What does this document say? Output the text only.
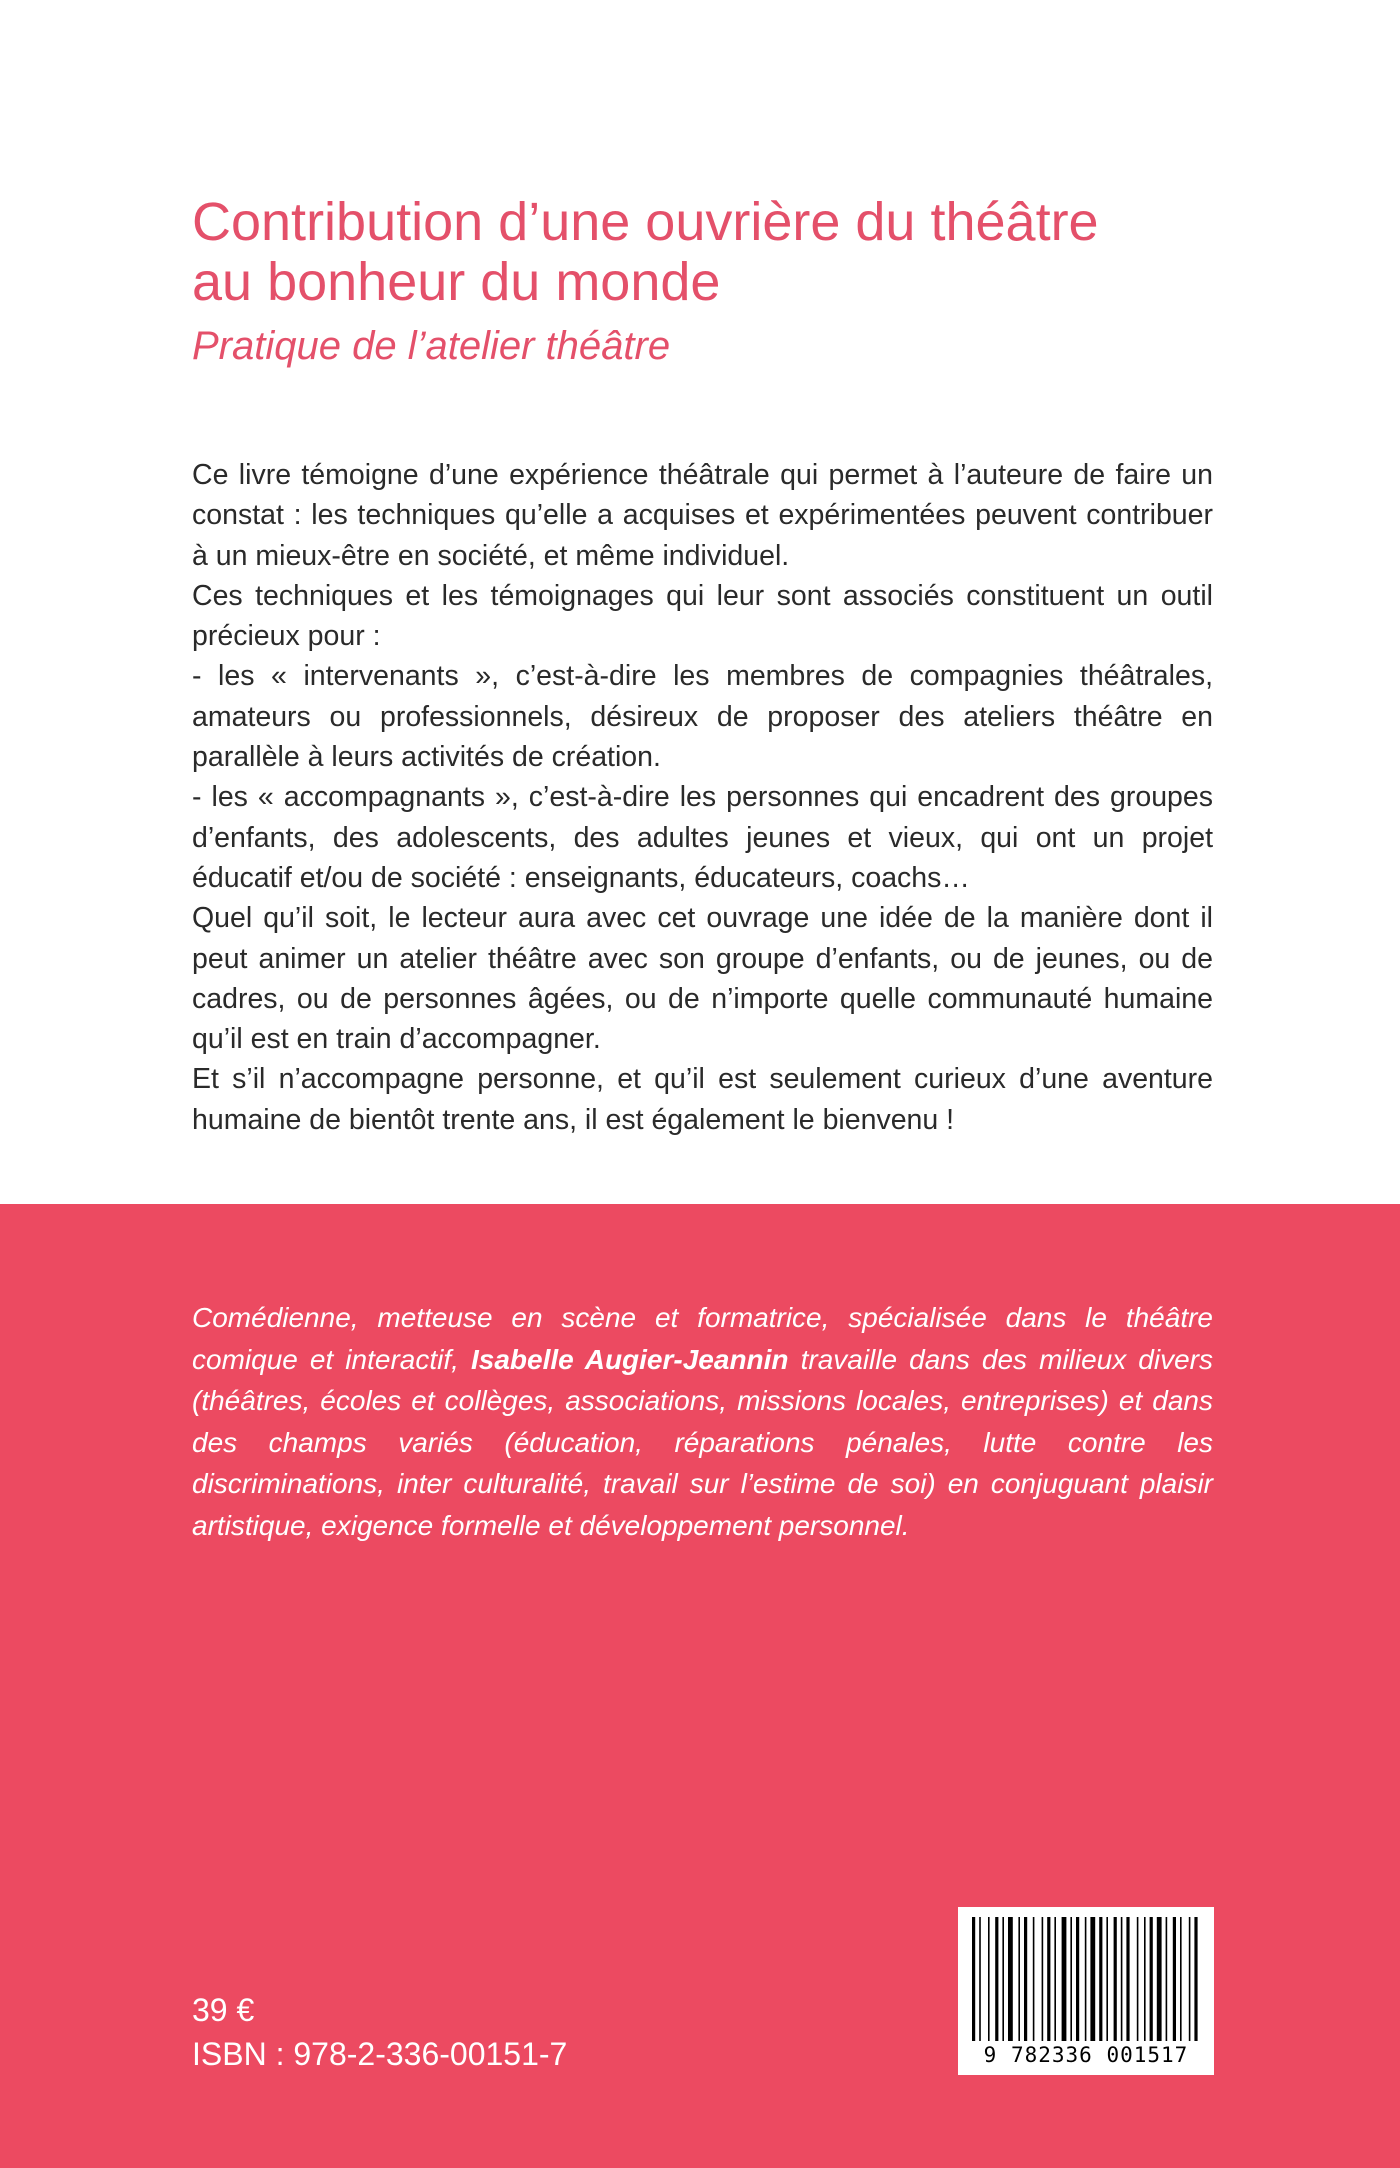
Contribution d’une ouvrière du théâtre
au bonheur du monde
Pratique de l’atelier théâtre

Ce livre témoigne d’une expérience théâtrale qui permet à l’auteure de faire un constat : les techniques qu’elle a acquises et expérimentées peuvent contribuer à un mieux-être en société, et même individuel.

Ces techniques et les témoignages qui leur sont associés constituent un outil précieux pour :

- les « intervenants », c’est-à-dire les membres de compagnies théâtrales, amateurs ou professionnels, désireux de proposer des ateliers théâtre en parallèle à leurs activités de création.

- les « accompagnants », c’est-à-dire les personnes qui encadrent des groupes d’enfants, des adolescents, des adultes jeunes et vieux, qui ont un projet éducatif et/ou de société : enseignants, éducateurs, coachs…

Quel qu’il soit, le lecteur aura avec cet ouvrage une idée de la manière dont il peut animer un atelier théâtre avec son groupe d’enfants, ou de jeunes, ou de cadres, ou de personnes âgées, ou de n’importe quelle communauté humaine qu’il est en train d’accompagner.

Et s’il n’accompagne personne, et qu’il est seulement curieux d’une aventure humaine de bientôt trente ans, il est également le bienvenu !

Comédienne, metteuse en scène et formatrice, spécialisée dans le théâtre comique et interactif, Isabelle Augier-Jeannin travaille dans des milieux divers (théâtres, écoles et collèges, associations, missions locales, entreprises) et dans des champs variés (éducation, réparations pénales, lutte contre les discriminations, inter culturalité, travail sur l’estime de soi) en conjuguant plaisir artistique, exigence formelle et développement personnel.

39 €
ISBN : 978-2-336-00151-7	9 782336 001517
